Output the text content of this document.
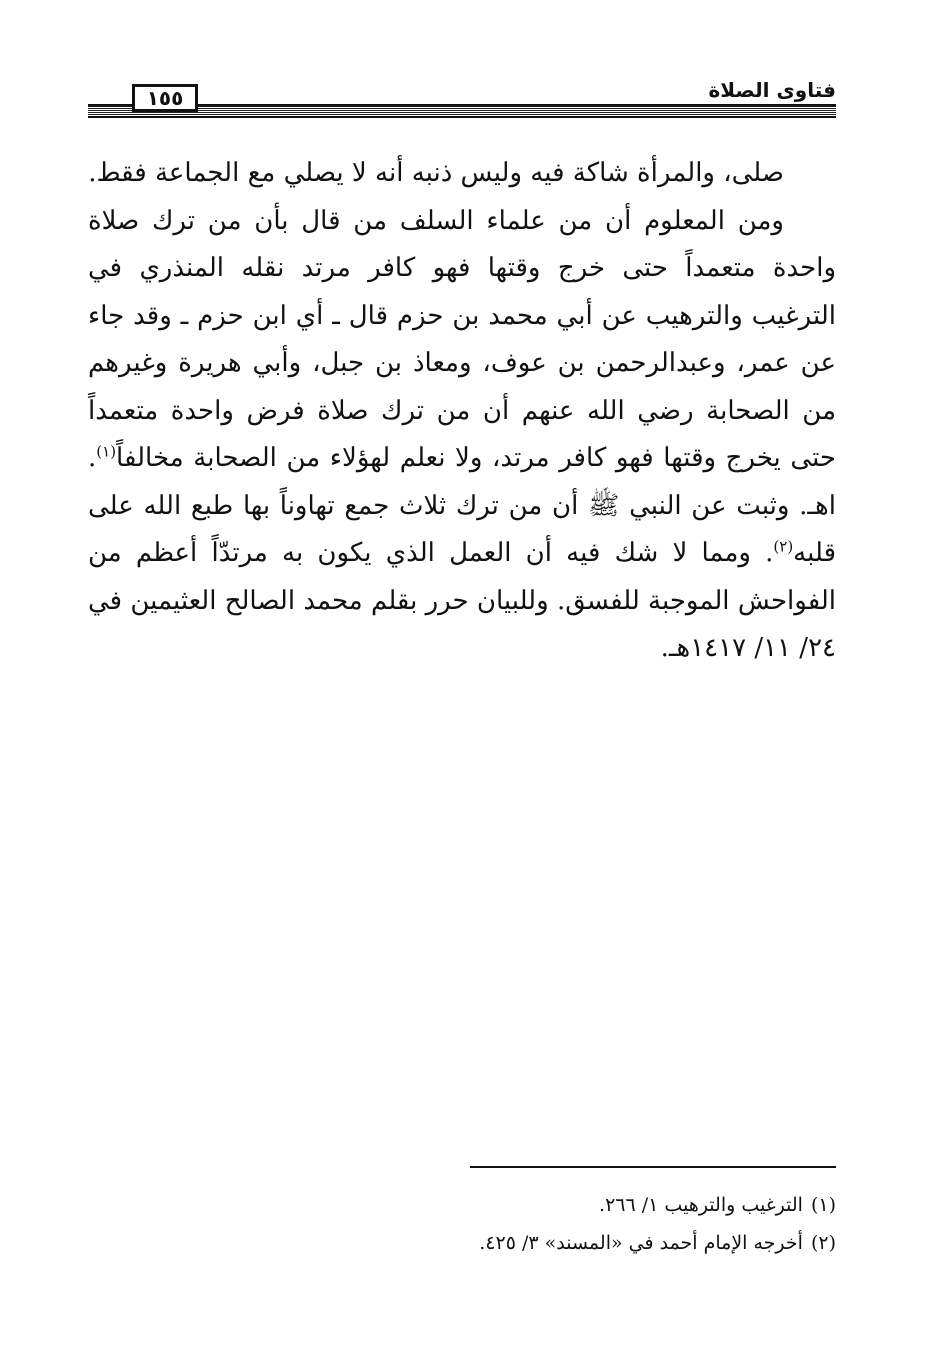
فتاوى الصلاة
١٥٥

صلى، والمرأة شاكة فيه وليس ذنبه أنه لا يصلي مع الجماعة فقط.

ومن المعلوم أن من علماء السلف من قال بأن من ترك صلاة واحدة متعمداً حتى خرج وقتها فهو كافر مرتد نقله المنذري في الترغيب والترهيب عن أبي محمد بن حزم قال ـ أي ابن حزم ـ وقد جاء عن عمر، وعبدالرحمن بن عوف، ومعاذ بن جبل، وأبي هريرة وغيرهم من الصحابة رضي الله عنهم أن من ترك صلاة فرض واحدة متعمداً حتى يخرج وقتها فهو كافر مرتد، ولا نعلم لهؤلاء من الصحابة مخالفاً$^{(١)}$. اهـ. وثبت عن النبي ﷺ أن من ترك ثلاث جمع تهاوناً بها طبع الله على قلبه$^{(٢)}$. ومما لا شك فيه أن العمل الذي يكون به مرتدّاً أعظم من الفواحش الموجبة للفسق. وللبيان حرر بقلم محمد الصالح العثيمين في ٢٤/ ١١/ ١٤١٧هـ.

(١)الترغيب والترهيب ١/ ٢٦٦.

(٢)أخرجه الإمام أحمد في «المسند» ٣/ ٤٢٥.
